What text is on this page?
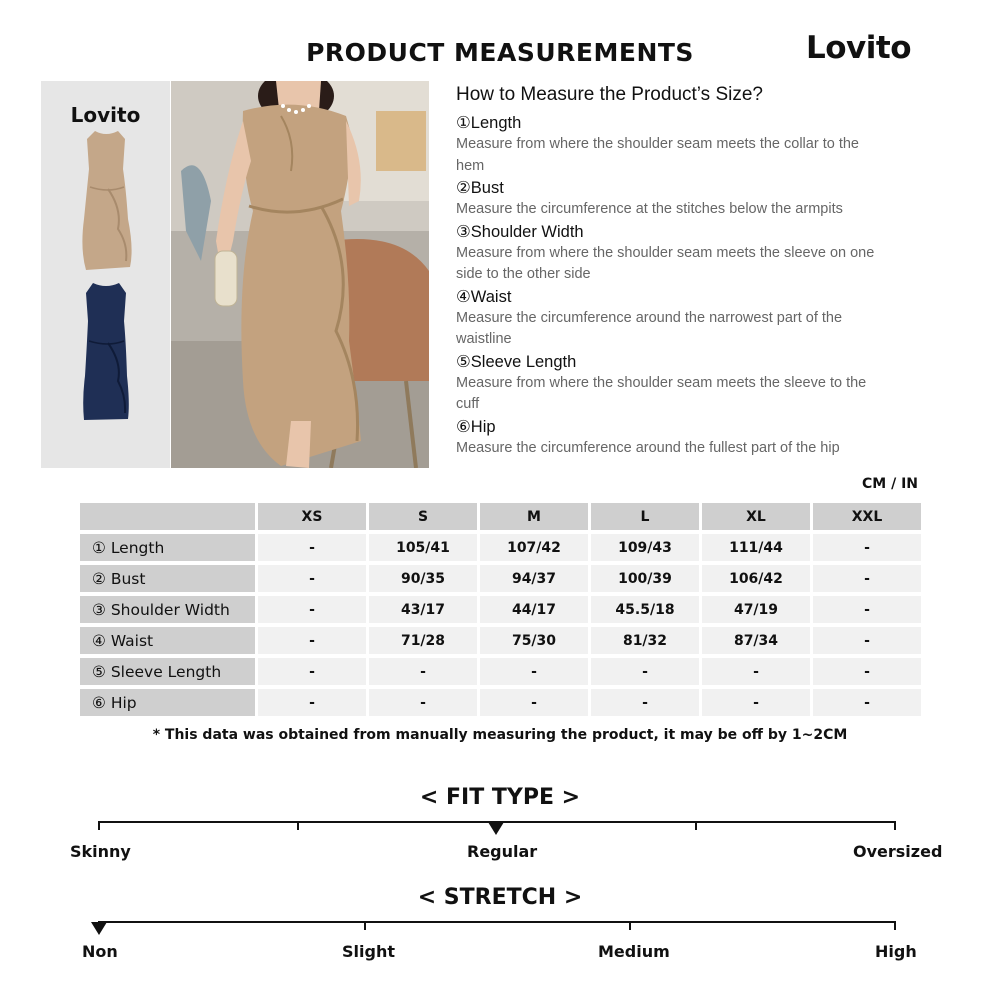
PRODUCT MEASUREMENTS	Lovito
Lovito
How to Measure the Product’s Size?
①Length
Measure from where the shoulder seam meets the collar to the hem
②Bust
Measure the circumference at the stitches below the armpits
③Shoulder Width
Measure from where the shoulder seam meets the sleeve on one side to the other side
④Waist
Measure the circumference around the narrowest part of the waistline
⑤Sleeve Length
Measure from where the shoulder seam meets the sleeve to the cuff
⑥Hip
Measure the circumference around the fullest part of the hip
CM / IN
	XS	S	M	L	XL	XXL
① Length	-	105/41	107/42	109/43	111/44	-
② Bust	-	90/35	94/37	100/39	106/42	-
③ Shoulder Width	-	43/17	44/17	45.5/18	47/19	-
④ Waist	-	71/28	75/30	81/32	87/34	-
⑤ Sleeve Length	-	-	-	-	-	-
⑥ Hip	-	-	-	-	-	-
* This data was obtained from manually measuring the product, it may be off by 1~2CM
< FIT TYPE >
Skinny	Regular	Oversized
< STRETCH >
Non	Slight	Medium	High
